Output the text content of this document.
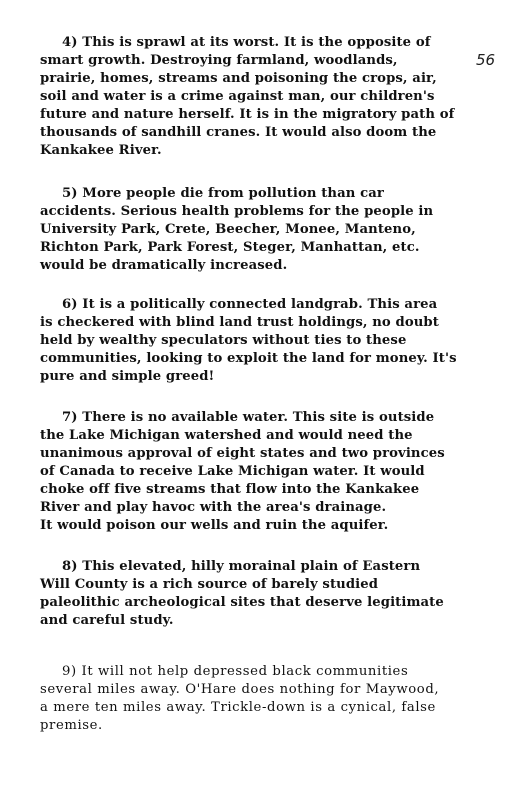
56
4) This is sprawl at its worst. It is the opposite of
smart growth. Destroying farmland, woodlands,
prairie, homes, streams and poisoning the crops, air,
soil and water is a crime against man, our children's
future and nature herself. It is in the migratory path of
thousands of sandhill cranes. It would also doom the
Kankakee River.
5) More people die from pollution than car
accidents. Serious health problems for the people in
University Park, Crete, Beecher, Monee, Manteno,
Richton Park, Park Forest, Steger, Manhattan, etc.
would be dramatically increased.
6) It is a politically connected landgrab. This area
is checkered with blind land trust holdings, no doubt
held by wealthy speculators without ties to these
communities, looking to exploit the land for money. It's
pure and simple greed!
7) There is no available water. This site is outside
the Lake Michigan watershed and would need the
unanimous approval of eight states and two provinces
of Canada to receive Lake Michigan water. It would
choke off five streams that flow into the Kankakee
River and play havoc with the area's drainage.
It would poison our wells and ruin the aquifer.
8) This elevated, hilly morainal plain of Eastern
Will County is a rich source of barely studied
paleolithic archeological sites that deserve legitimate
and careful study.
9) It will not help depressed black communities
several miles away. O'Hare does nothing for Maywood,
a mere ten miles away. Trickle-down is a cynical, false
premise.
